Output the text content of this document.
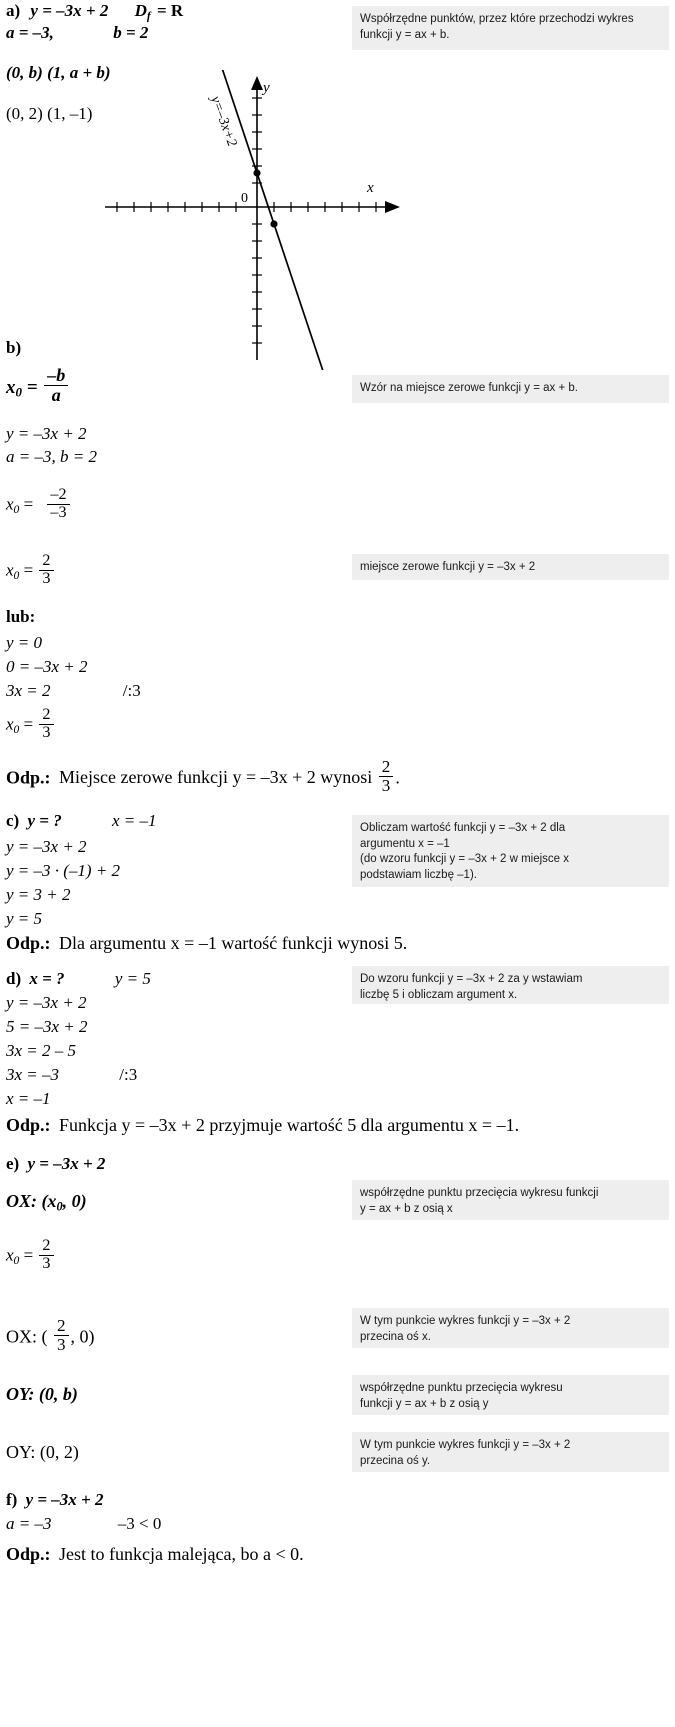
a) y = –3x + 2 $D_f = R$
a = –3,	b = 2
(0, b) (1, a + b)
(0, 2) (1, –1)
Współrzędne punktów, przez które przechodzi wykres funkcji y = ax + b.
y
x
0
y=–3x+2
b)
$x_0 = \frac{-b}{a}$	Wzór na miejsce zerowe funkcji y = ax + b.
y = –3x + 2
a = –3, b = 2
$x_0 = \frac{-2}{-3}$
$x_0 = \frac{2}{3}$	miejsce zerowe funkcji y = –3x + 2
lub:
y = 0
0 = –3x + 2
3x = 2	/:3
$x_0 = \frac{2}{3}$
Odp.: Miejsce zerowe funkcji y = –3x + 2 wynosi $\frac{2}{3}$ .
c) y = ?	x = –1
y = –3x + 2
y = –3 · (–1) + 2
y = 3 + 2
y = 5
Odp.: Dla argumentu x = –1 wartość funkcji wynosi 5.
Obliczam wartość funkcji y = –3x + 2 dla
argumentu x = –1
(do wzoru funkcji y = –3x + 2 w miejsce x
podstawiam liczbę –1).
d) x = ?	y = 5
y = –3x + 2
5 = –3x + 2
3x = 2 – 5
3x = –3	/:3
x = –1
Odp.: Funkcja y = –3x + 2 przyjmuje wartość 5 dla argumentu x = –1.
Do wzoru funkcji y = –3x + 2 za y wstawiam
liczbę 5 i obliczam argument x.
e) y = –3x + 2
OX: ($x_0$, 0)	współrzędne punktu przecięcia wykresu funkcji
y = ax + b z osią x
$x_0 = \frac{2}{3}$
OX: ( $\frac{2}{3}$ , 0)
W tym punkcie wykres funkcji y = –3x + 2
przecina oś x.
OY: (0, b)	współrzędne punktu przecięcia wykresu
funkcji y = ax + b z osią y
OY: (0, 2)	W tym punkcie wykres funkcji y = –3x + 2
przecina oś y.
f) y = –3x + 2
a = –3	–3 < 0
Odp.: Jest to funkcja malejąca, bo a < 0.
